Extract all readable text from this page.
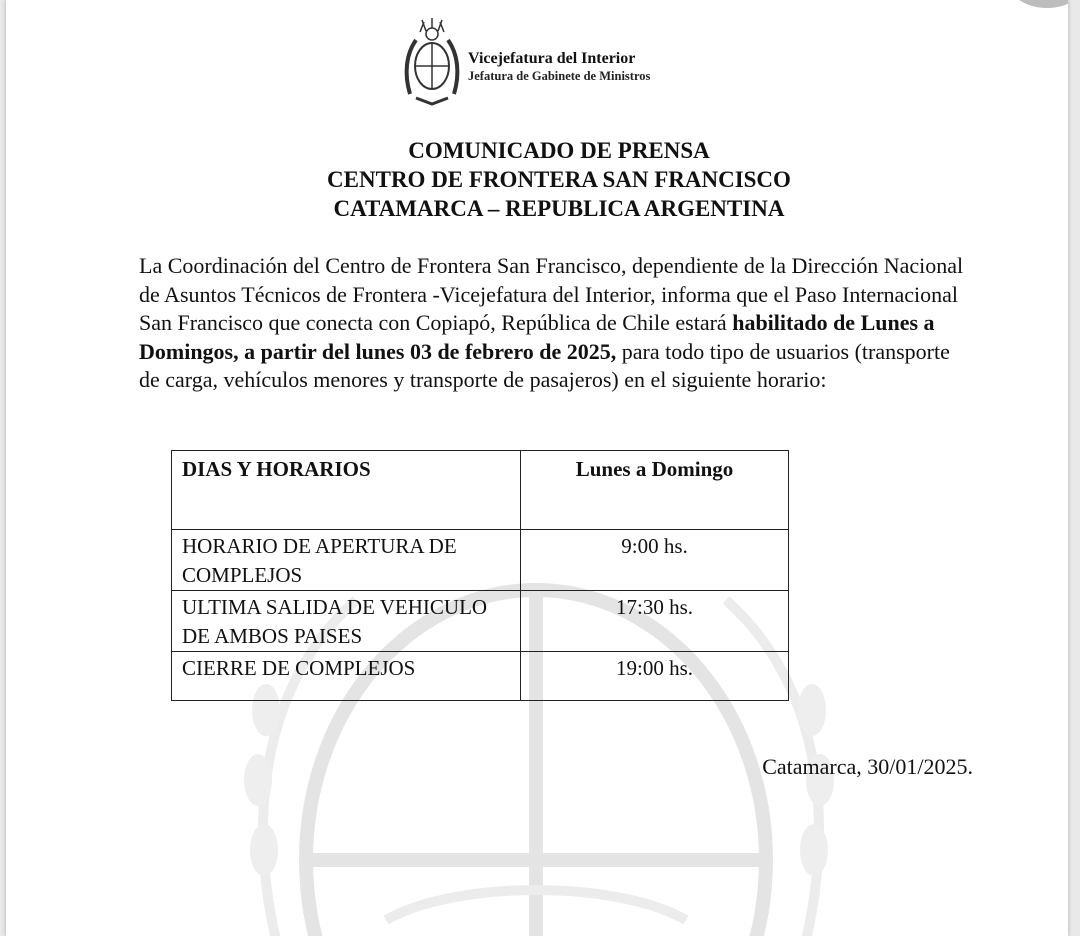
Vicejefatura del Interior
Jefatura de Gabinete de Ministros
COMUNICADO DE PRENSA
CENTRO DE FRONTERA SAN FRANCISCO
CATAMARCA – REPUBLICA ARGENTINA
La Coordinación del Centro de Frontera San Francisco, dependiente de la Dirección Nacional de Asuntos Técnicos de Frontera -Vicejefatura del Interior, informa que el Paso Internacional San Francisco que conecta con Copiapó, República de Chile estará habilitado de Lunes a Domingos, a partir del lunes 03 de febrero de 2025, para todo tipo de usuarios (transporte de carga, vehículos menores y transporte de pasajeros) en el siguiente horario:
DIAS Y HORARIOS	Lunes a Domingo
HORARIO DE APERTURA DE COMPLEJOS	9:00 hs.
ULTIMA SALIDA DE VEHICULO DE AMBOS PAISES	17:30 hs.
CIERRE DE COMPLEJOS	19:00 hs.
Catamarca, 30/01/2025.
